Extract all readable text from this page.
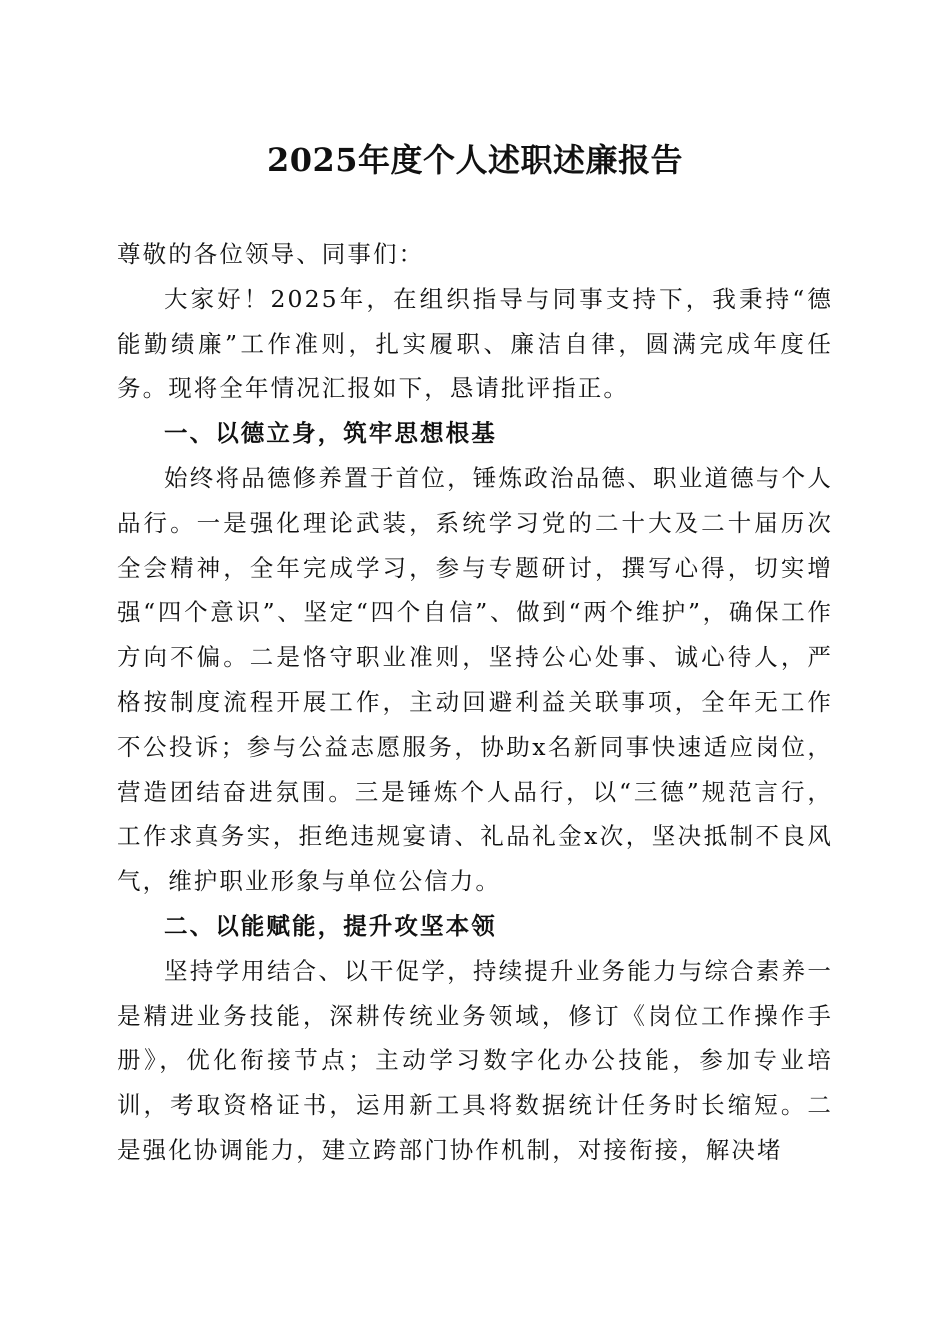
2025年度个人述职述廉报告

尊敬的各位领导、同事们：

大家好！2025年，在组织指导与同事支持下，我秉持“德能勤绩廉”工作准则，扎实履职、廉洁自律，圆满完成年度任务。现将全年情况汇报如下，恳请批评指正。

一、以德立身，筑牢思想根基

始终将品德修养置于首位，锤炼政治品德、职业道德与个人品行。一是强化理论武装，系统学习党的二十大及二十届历次全会精神，全年完成学习，参与专题研讨，撰写心得，切实增强“四个意识”、坚定“四个自信”、做到“两个维护”，确保工作方向不偏。二是恪守职业准则，坚持公心处事、诚心待人，严格按制度流程开展工作，主动回避利益关联事项，全年无工作不公投诉；参与公益志愿服务，协助x名新同事快速适应岗位，营造团结奋进氛围。三是锤炼个人品行，以“三德”规范言行，工作求真务实，拒绝违规宴请、礼品礼金x次，坚决抵制不良风气，维护职业形象与单位公信力。

二、以能赋能，提升攻坚本领

坚持学用结合、以干促学，持续提升业务能力与综合素养一是精进业务技能，深耕传统业务领域，修订《岗位工作操作手册》，优化衔接节点；主动学习数字化办公技能，参加专业培训，考取资格证书，运用新工具将数据统计任务时长缩短。二是强化协调能力，建立跨部门协作机制，对接衔接，解决堵
